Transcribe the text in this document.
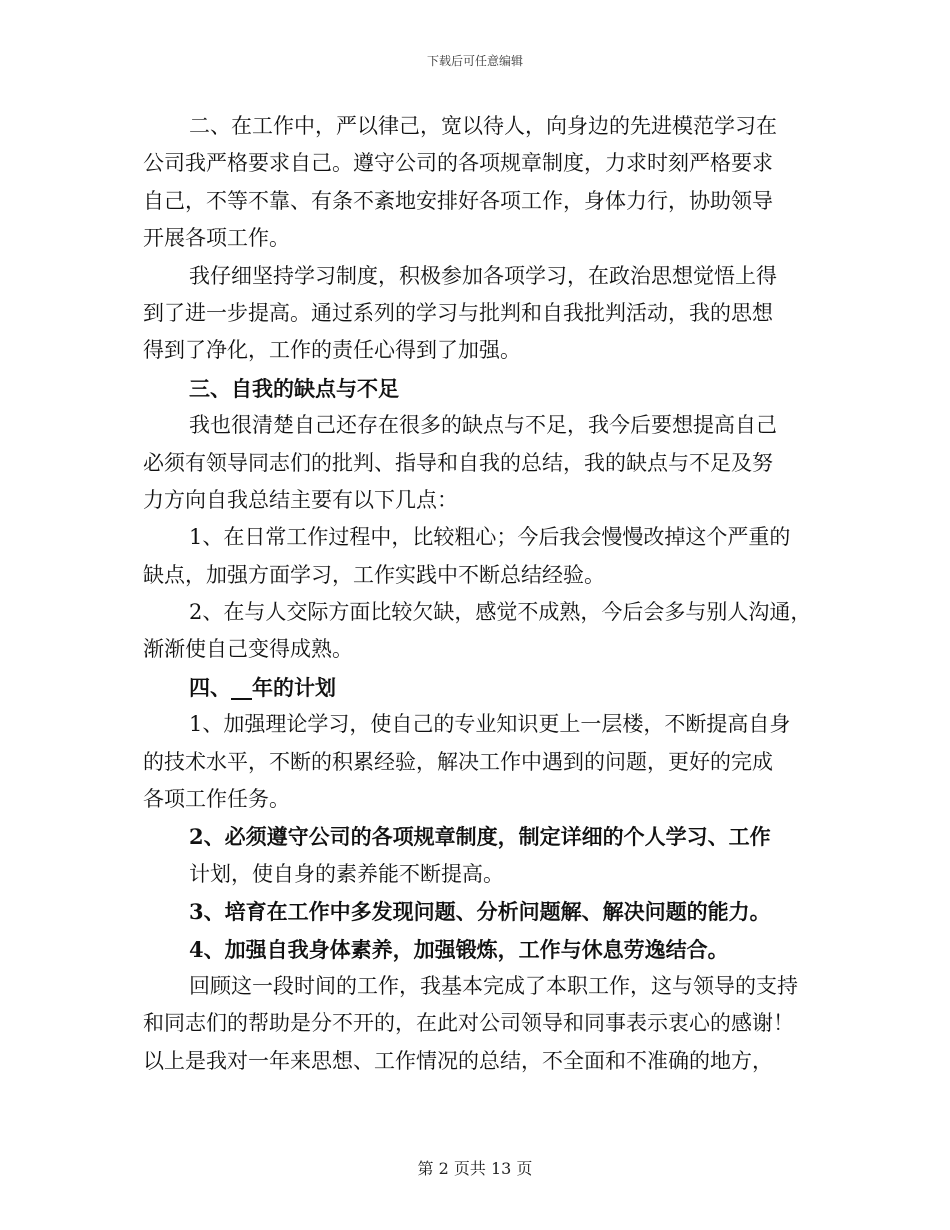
下载后可任意编辑
二、在工作中，严以律己，宽以待人，向身边的先进模范学习在
公司我严格要求自己。遵守公司的各项规章制度，力求时刻严格要求
自己，不等不靠、有条不紊地安排好各项工作，身体力行，协助领导
开展各项工作。
我仔细坚持学习制度，积极参加各项学习，在政治思想觉悟上得
到了进一步提高。通过系列的学习与批判和自我批判活动，我的思想
得到了净化，工作的责任心得到了加强。
三、自我的缺点与不足
我也很清楚自己还存在很多的缺点与不足，我今后要想提高自己
必须有领导同志们的批判、指导和自我的总结，我的缺点与不足及努
力方向自我总结主要有以下几点：
1、在日常工作过程中，比较粗心；今后我会慢慢改掉这个严重的
缺点，加强方面学习，工作实践中不断总结经验。
2、在与人交际方面比较欠缺，感觉不成熟，今后会多与别人沟通，
渐渐使自己变得成熟。
四、__年的计划
1、加强理论学习，使自己的专业知识更上一层楼，不断提高自身
的技术水平，不断的积累经验，解决工作中遇到的问题，更好的完成
各项工作任务。
2、必须遵守公司的各项规章制度，制定详细的个人学习、工作
计划，使自身的素养能不断提高。
3、培育在工作中多发现问题、分析问题解、解决问题的能力。
4、加强自我身体素养，加强锻炼，工作与休息劳逸结合。
回顾这一段时间的工作，我基本完成了本职工作，这与领导的支持
和同志们的帮助是分不开的，在此对公司领导和同事表示衷心的感谢！
以上是我对一年来思想、工作情况的总结，不全面和不准确的地方，
第 2 页共 13 页
